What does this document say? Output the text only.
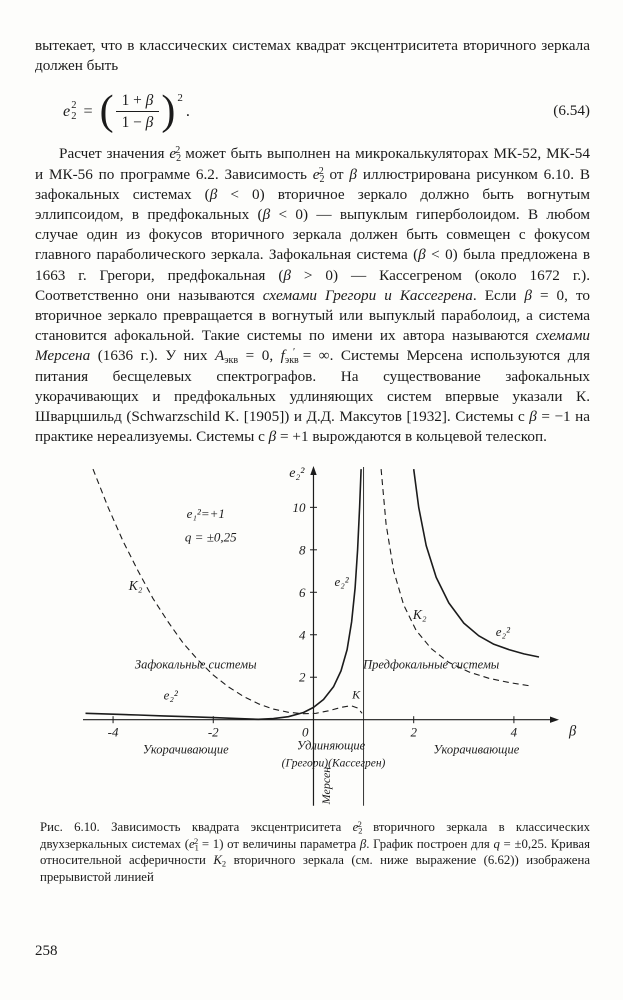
вытекает, что в классических системах квадрат эксцентриситета вторичного зеркала должен быть

e 2
2 = ( $\frac{1 + \beta}{1 - \beta}$ ) 2
.	(6.54)

Расчет значения $e_2^2$ может быть выполнен на микрокалькуляторах МК-52, МК-54 и МК-56 по программе 6.2. Зависимость $e_2^2$ от β иллюстрирована рисунком 6.10. В зафокальных системах (β < 0) вторичное зеркало должно быть вогнутым эллипсоидом, в предфокальных (β < 0) — выпуклым гиперболоидом. В любом случае один из фокусов вторичного зеркала должен быть совмещен с фокусом главного параболического зеркала. Зафокальная система (β < 0) была предложена в 1663 г. Грегори, предфокальная (β > 0) — Кассегреном (около 1672 г.). Соответственно они называются схемами Грегори и Кассегрена. Если β = 0, то вторичное зеркало превращается в вогнутый или выпуклый параболоид, а система становится афокальной. Такие системы по имени их автора называются схемами Мерсена (1636 г.). У них $A_{экв} = 0$, $f_{экв}'$ = ∞. Системы Мерсена используются для питания бесщелевых спектрографов. На существование зафокальных укорачивающих и предфокальных удлиняющих систем впервые указали К. Шварцшильд (Schwarzschild K. [1905]) и Д.Д. Максутов [1932]. Системы с β = −1 на практике нереализуемы. Системы с β = +1 вырождаются в кольцевой телескоп.

-4	-2	0	2	4
2
4
6
8
10
e₂²
β
e₁²=+1
q = ±0,25
K₂
e₂²
e₂²
К
K₂
e₂²
Зафокальные системы	Предфокальные системы
Укорачивающие	Удлиняющие
(Грегори)(Кассегрен)
Укорачивающие
Мерсен
Рис. 6.10. Зависимость квадрата эксцентриситета $e_2^2$ вторичного зеркала в классических двухзеркальных системах $(e_1^2 = 1)$ от величины параметра β. График построен для q = ±0,25. Кривая относительной асферичности $K_2$ вторичного зеркала (см. ниже выражение (6.62)) изображена прерывистой линией
258
